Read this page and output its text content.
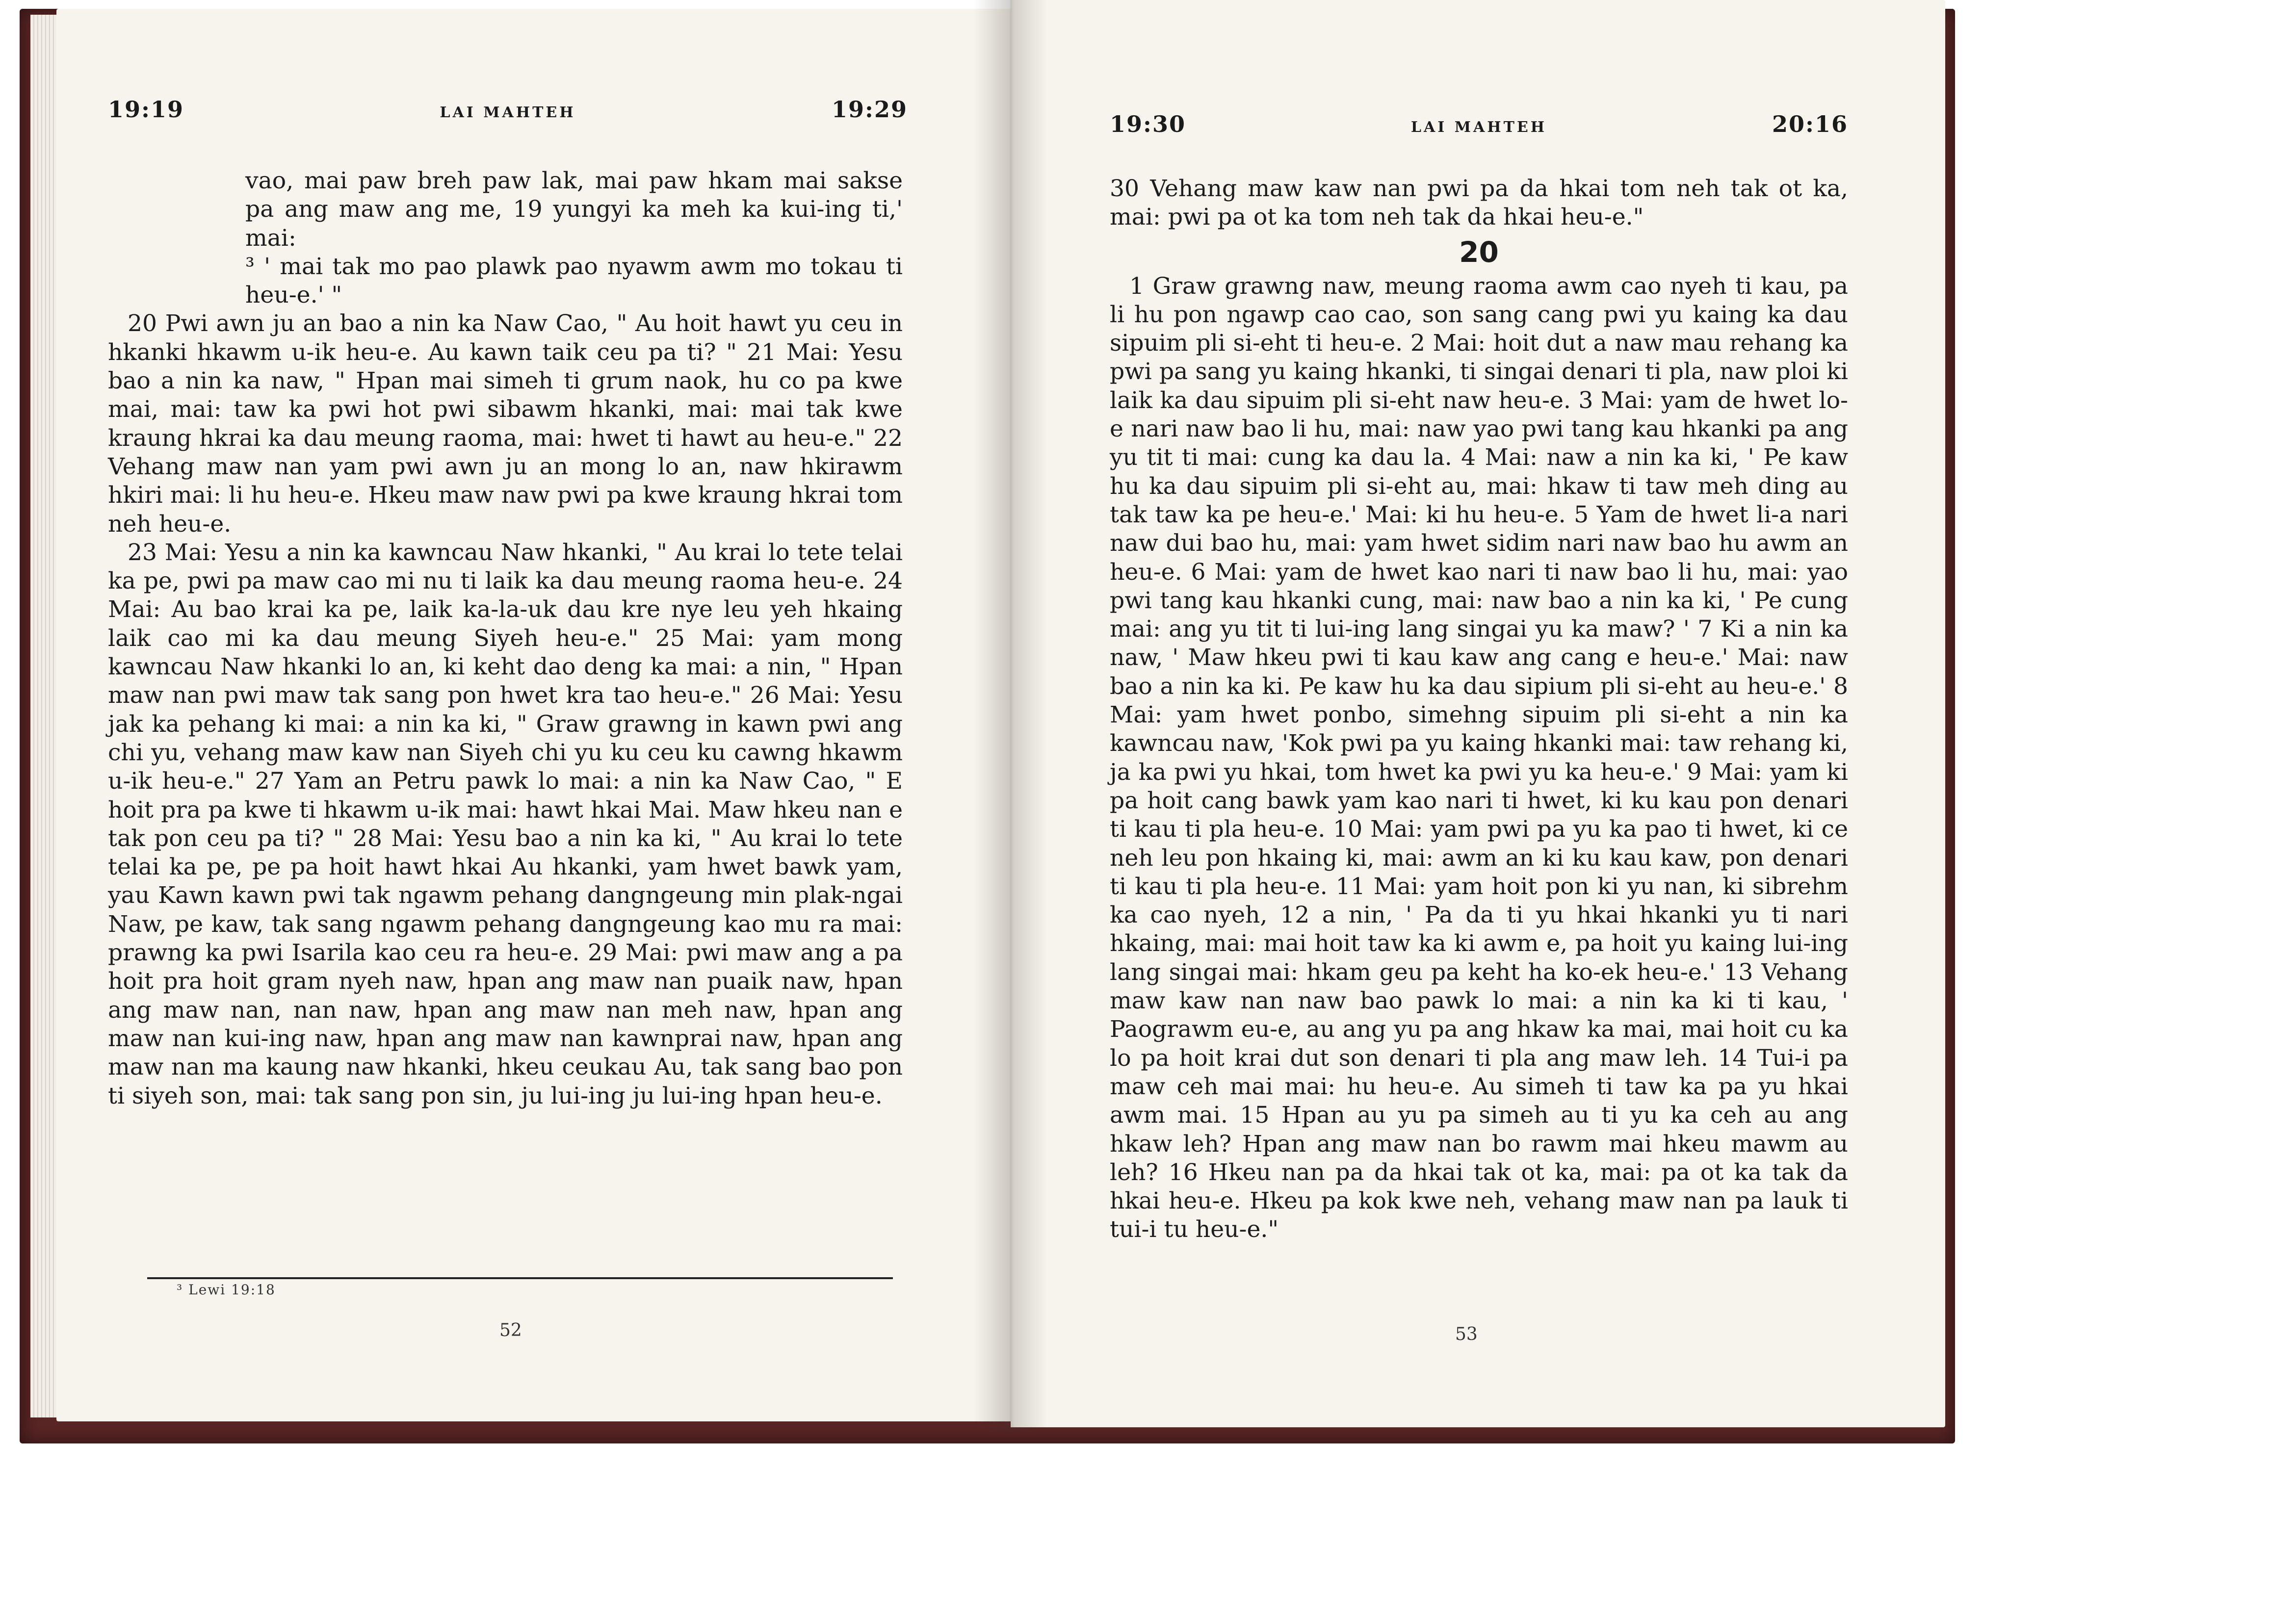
19:19	LAI MAHTEH	19:29

vao, mai paw breh paw lak, mai paw hkam mai sakse pa ang maw ang me, 19 yungyi ka meh ka kui-ing ti,' mai:

³ ' mai tak mo pao plawk pao nyawm awm mo tokau ti heu-e.' "

20 Pwi awn ju an bao a nin ka Naw Cao, " Au hoit hawt yu ceu in hkanki hkawm u-ik heu-e. Au kawn taik ceu pa ti? " 21 Mai: Yesu bao a nin ka naw, " Hpan mai simeh ti grum naok, hu co pa kwe mai, mai: taw ka pwi hot pwi sibawm hkanki, mai: mai tak kwe kraung hkrai ka dau meung raoma, mai: hwet ti hawt au heu-e." 22 Vehang maw nan yam pwi awn ju an mong lo an, naw hkirawm hkiri mai: li hu heu-e. Hkeu maw naw pwi pa kwe kraung hkrai tom neh heu-e.

23 Mai: Yesu a nin ka kawncau Naw hkanki, " Au krai lo tete telai ka pe, pwi pa maw cao mi nu ti laik ka dau meung raoma heu-e. 24 Mai: Au bao krai ka pe, laik ka-la-uk dau kre nye leu yeh hkaing laik cao mi ka dau meung Siyeh heu-e." 25 Mai: yam mong kawncau Naw hkanki lo an, ki keht dao deng ka mai: a nin, " Hpan maw nan pwi maw tak sang pon hwet kra tao heu-e." 26 Mai: Yesu jak ka pehang ki mai: a nin ka ki, " Graw grawng in kawn pwi ang chi yu, vehang maw kaw nan Siyeh chi yu ku ceu ku cawng hkawm u-ik heu-e." 27 Yam an Petru pawk lo mai: a nin ka Naw Cao, " E hoit pra pa kwe ti hkawm u-ik mai: hawt hkai Mai. Maw hkeu nan e tak pon ceu pa ti? " 28 Mai: Yesu bao a nin ka ki, " Au krai lo tete telai ka pe, pe pa hoit hawt hkai Au hkanki, yam hwet bawk yam, yau Kawn kawn pwi tak ngawm pehang dangngeung min plak-ngai Naw, pe kaw, tak sang ngawm pehang dangngeung kao mu ra mai: prawng ka pwi Isarila kao ceu ra heu-e. 29 Mai: pwi maw ang a pa hoit pra hoit gram nyeh naw, hpan ang maw nan puaik naw, hpan ang maw nan, nan naw, hpan ang maw nan meh naw, hpan ang maw nan kui-ing naw, hpan ang maw nan kawnprai naw, hpan ang maw nan ma kaung naw hkanki, hkeu ceukau Au, tak sang bao pon ti siyeh son, mai: tak sang pon sin, ju lui-ing ju lui-ing hpan heu-e.

³ Lewi 19:18
52
19:30	LAI MAHTEH	20:16

30 Vehang maw kaw nan pwi pa da hkai tom neh tak ot ka, mai: pwi pa ot ka tom neh tak da hkai heu-e."

20

1 Graw grawng naw, meung raoma awm cao nyeh ti kau, pa li hu pon ngawp cao cao, son sang cang pwi yu kaing ka dau sipuim pli si-eht ti heu-e. 2 Mai: hoit dut a naw mau rehang ka pwi pa sang yu kaing hkanki, ti singai denari ti pla, naw ploi ki laik ka dau sipuim pli si-eht naw heu-e. 3 Mai: yam de hwet lo-e nari naw bao li hu, mai: naw yao pwi tang kau hkanki pa ang yu tit ti mai: cung ka dau la. 4 Mai: naw a nin ka ki, ' Pe kaw hu ka dau sipuim pli si-eht au, mai: hkaw ti taw meh ding au tak taw ka pe heu-e.' Mai: ki hu heu-e. 5 Yam de hwet li-a nari naw dui bao hu, mai: yam hwet sidim nari naw bao hu awm an heu-e. 6 Mai: yam de hwet kao nari ti naw bao li hu, mai: yao pwi tang kau hkanki cung, mai: naw bao a nin ka ki, ' Pe cung mai: ang yu tit ti lui-ing lang singai yu ka maw? ' 7 Ki a nin ka naw, ' Maw hkeu pwi ti kau kaw ang cang e heu-e.' Mai: naw bao a nin ka ki. Pe kaw hu ka dau sipium pli si-eht au heu-e.' 8 Mai: yam hwet ponbo, simehng sipuim pli si-eht a nin ka kawncau naw, 'Kok pwi pa yu kaing hkanki mai: taw rehang ki, ja ka pwi yu hkai, tom hwet ka pwi yu ka heu-e.' 9 Mai: yam ki pa hoit cang bawk yam kao nari ti hwet, ki ku kau pon denari ti kau ti pla heu-e. 10 Mai: yam pwi pa yu ka pao ti hwet, ki ce neh leu pon hkaing ki, mai: awm an ki ku kau kaw, pon denari ti kau ti pla heu-e. 11 Mai: yam hoit pon ki yu nan, ki sibrehm ka cao nyeh, 12 a nin, ' Pa da ti yu hkai hkanki yu ti nari hkaing, mai: mai hoit taw ka ki awm e, pa hoit yu kaing lui-ing lang singai mai: hkam geu pa keht ha ko-ek heu-e.' 13 Vehang maw kaw nan naw bao pawk lo mai: a nin ka ki ti kau, ' Paograwm eu-e, au ang yu pa ang hkaw ka mai, mai hoit cu ka lo pa hoit krai dut son denari ti pla ang maw leh. 14 Tui-i pa maw ceh mai mai: hu heu-e. Au simeh ti taw ka pa yu hkai awm mai. 15 Hpan au yu pa simeh au ti yu ka ceh au ang hkaw leh? Hpan ang maw nan bo rawm mai hkeu mawm au leh? 16 Hkeu nan pa da hkai tak ot ka, mai: pa ot ka tak da hkai heu-e. Hkeu pa kok kwe neh, vehang maw nan pa lauk ti tui-i tu heu-e."

53
